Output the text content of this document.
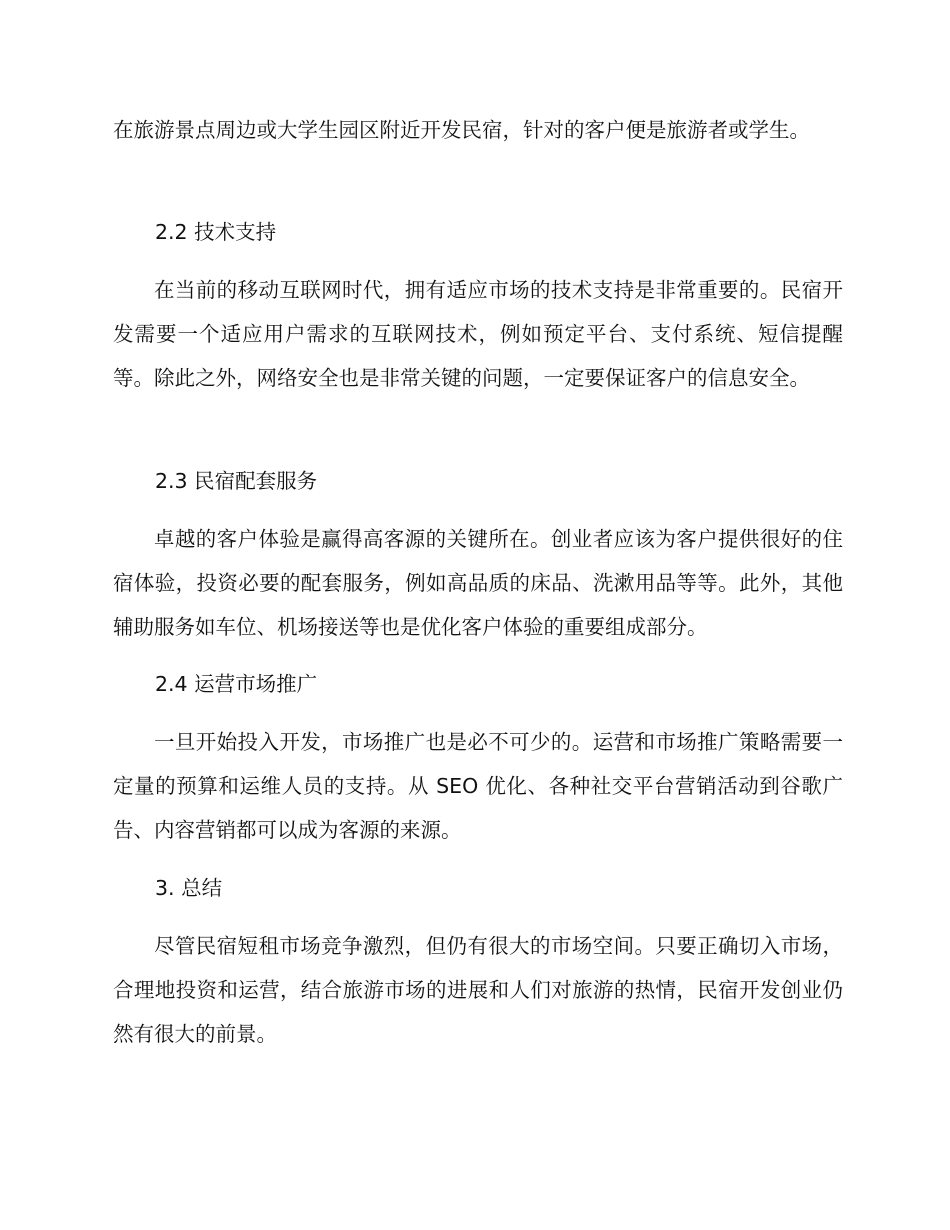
在旅游景点周边或大学生园区附近开发民宿，针对的客户便是旅游者或学生。

2.2 技术支持

在当前的移动互联网时代，拥有适应市场的技术支持是非常重要的。民宿开发需要一个适应用户需求的互联网技术，例如预定平台、支付系统、短信提醒等。除此之外，网络安全也是非常关键的问题，一定要保证客户的信息安全。

2.3 民宿配套服务

卓越的客户体验是赢得高客源的关键所在。创业者应该为客户提供很好的住宿体验，投资必要的配套服务，例如高品质的床品、洗漱用品等等。此外，其他辅助服务如车位、机场接送等也是优化客户体验的重要组成部分。

2.4 运营市场推广

一旦开始投入开发，市场推广也是必不可少的。运营和市场推广策略需要一定量的预算和运维人员的支持。从 SEO 优化、各种社交平台营销活动到谷歌广告、内容营销都可以成为客源的来源。

3. 总结

尽管民宿短租市场竞争激烈，但仍有很大的市场空间。只要正确切入市场，合理地投资和运营，结合旅游市场的进展和人们对旅游的热情，民宿开发创业仍然有很大的前景。
